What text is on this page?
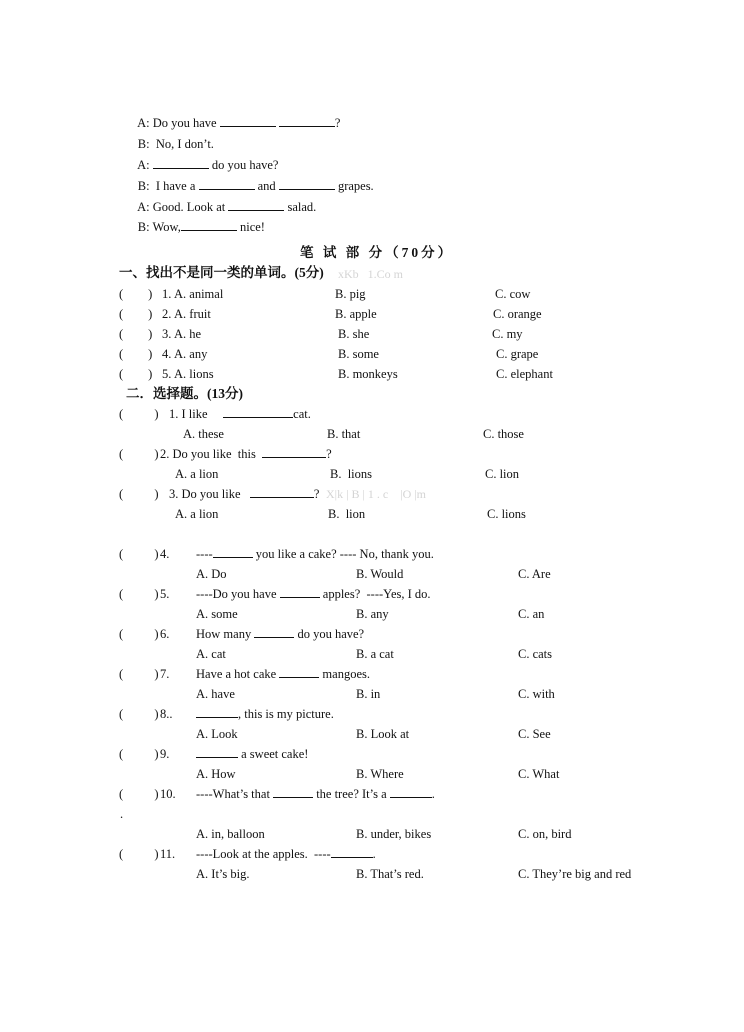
A: Do you have	?

B: No, I don’t.

A:	do you have?

B: I have a	and	grapes.

A: Good. Look at	salad.

B: Wow,	nice!

笔 试 部 分（70分）
一、找出不是同一类的单词。(5分) xKb   1.Co m
(        ) 1. A. animal	B. pig	C. cow
(        ) 2. A. fruit	B. apple	C. orange
(        ) 3. A. he	B. she	C. my
(        ) 4. A. any	B. some	C. grape
(        ) 5. A. lions	B. monkeys	C. elephant
二．选择题。(13分)
(          ) 1. I like	cat.
A. these	B. that	C. those
(          ) 2. Do you like  this	?
A. a lion	B.  lions	C. lion
(          ) 3. Do you like	? X|k | B | 1 . c    |O |m
A. a lion	B.  lion	C. lions
(          ) 4. ----	you like a cake? ---- No, thank you.
A. Do	B. Would	C. Are
(          ) 5. ----Do you have	apples?  ----Yes, I do.
A. some	B. any	C. an
(          ) 6. How many	do you have?
A. cat	B. a cat	C. cats
(          ) 7. Have a hot cake	mangoes.
A. have	B. in	C. with
(          ) 8..	, this is my picture.
A. Look	B. Look at	C. See
(          ) 9.	a sweet cake!
A. How	B. Where	C. What
(          ) 10. ----What’s that	the tree? It’s a	.
.
A. in, balloon	B. under, bikes	C. on, bird
(          ) 11. ----Look at the apples.  ----	.
A. It’s big.	B. That’s red.	C. They’re big and red
